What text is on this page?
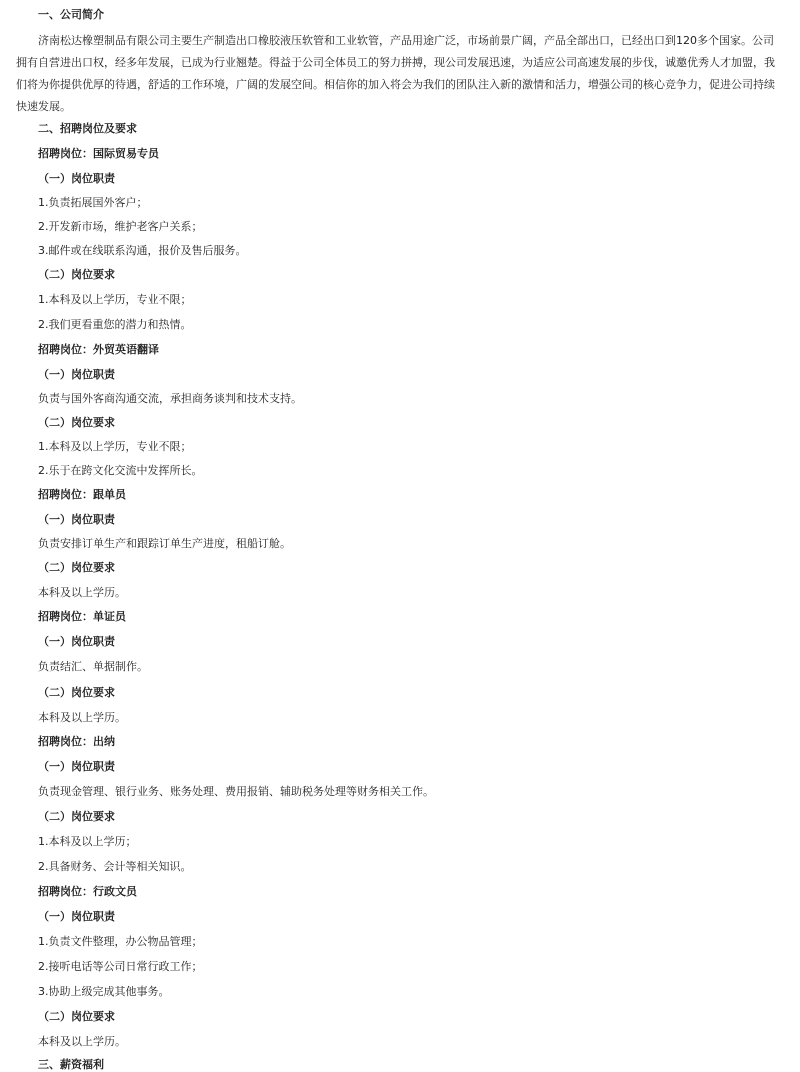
一、公司简介
济南松达橡塑制品有限公司主要生产制造出口橡胶液压软管和工业软管，产品用途广泛，市场前景广阔，产品全部出口，已经出口到120多个国家。公司拥有自营进出口权，经多年发展，已成为行业翘楚。得益于公司全体员工的努力拼搏，现公司发展迅速，为适应公司高速发展的步伐，诚邀优秀人才加盟，我们将为你提供优厚的待遇，舒适的工作环境，广阔的发展空间。相信你的加入将会为我们的团队注入新的激情和活力，增强公司的核心竞争力，促进公司持续快速发展。
二、招聘岗位及要求
招聘岗位：国际贸易专员
（一）岗位职责
1.负责拓展国外客户；
2.开发新市场，维护老客户关系；
3.邮件或在线联系沟通，报价及售后服务。
（二）岗位要求
1.本科及以上学历，专业不限；
2.我们更看重您的潜力和热情。
招聘岗位：外贸英语翻译
（一）岗位职责
负责与国外客商沟通交流，承担商务谈判和技术支持。
（二）岗位要求
1.本科及以上学历，专业不限；
2.乐于在跨文化交流中发挥所长。
招聘岗位：跟单员
（一）岗位职责
负责安排订单生产和跟踪订单生产进度，租船订舱。
（二）岗位要求
本科及以上学历。
招聘岗位：单证员
（一）岗位职责
负责结汇、单据制作。
（二）岗位要求
本科及以上学历。
招聘岗位：出纳
（一）岗位职责
负责现金管理、银行业务、账务处理、费用报销、辅助税务处理等财务相关工作。
（二）岗位要求
1.本科及以上学历；
2.具备财务、会计等相关知识。
招聘岗位：行政文员
（一）岗位职责
1.负责文件整理，办公物品管理；
2.接听电话等公司日常行政工作；
3.协助上级完成其他事务。
（二）岗位要求
本科及以上学历。
三、薪资福利
